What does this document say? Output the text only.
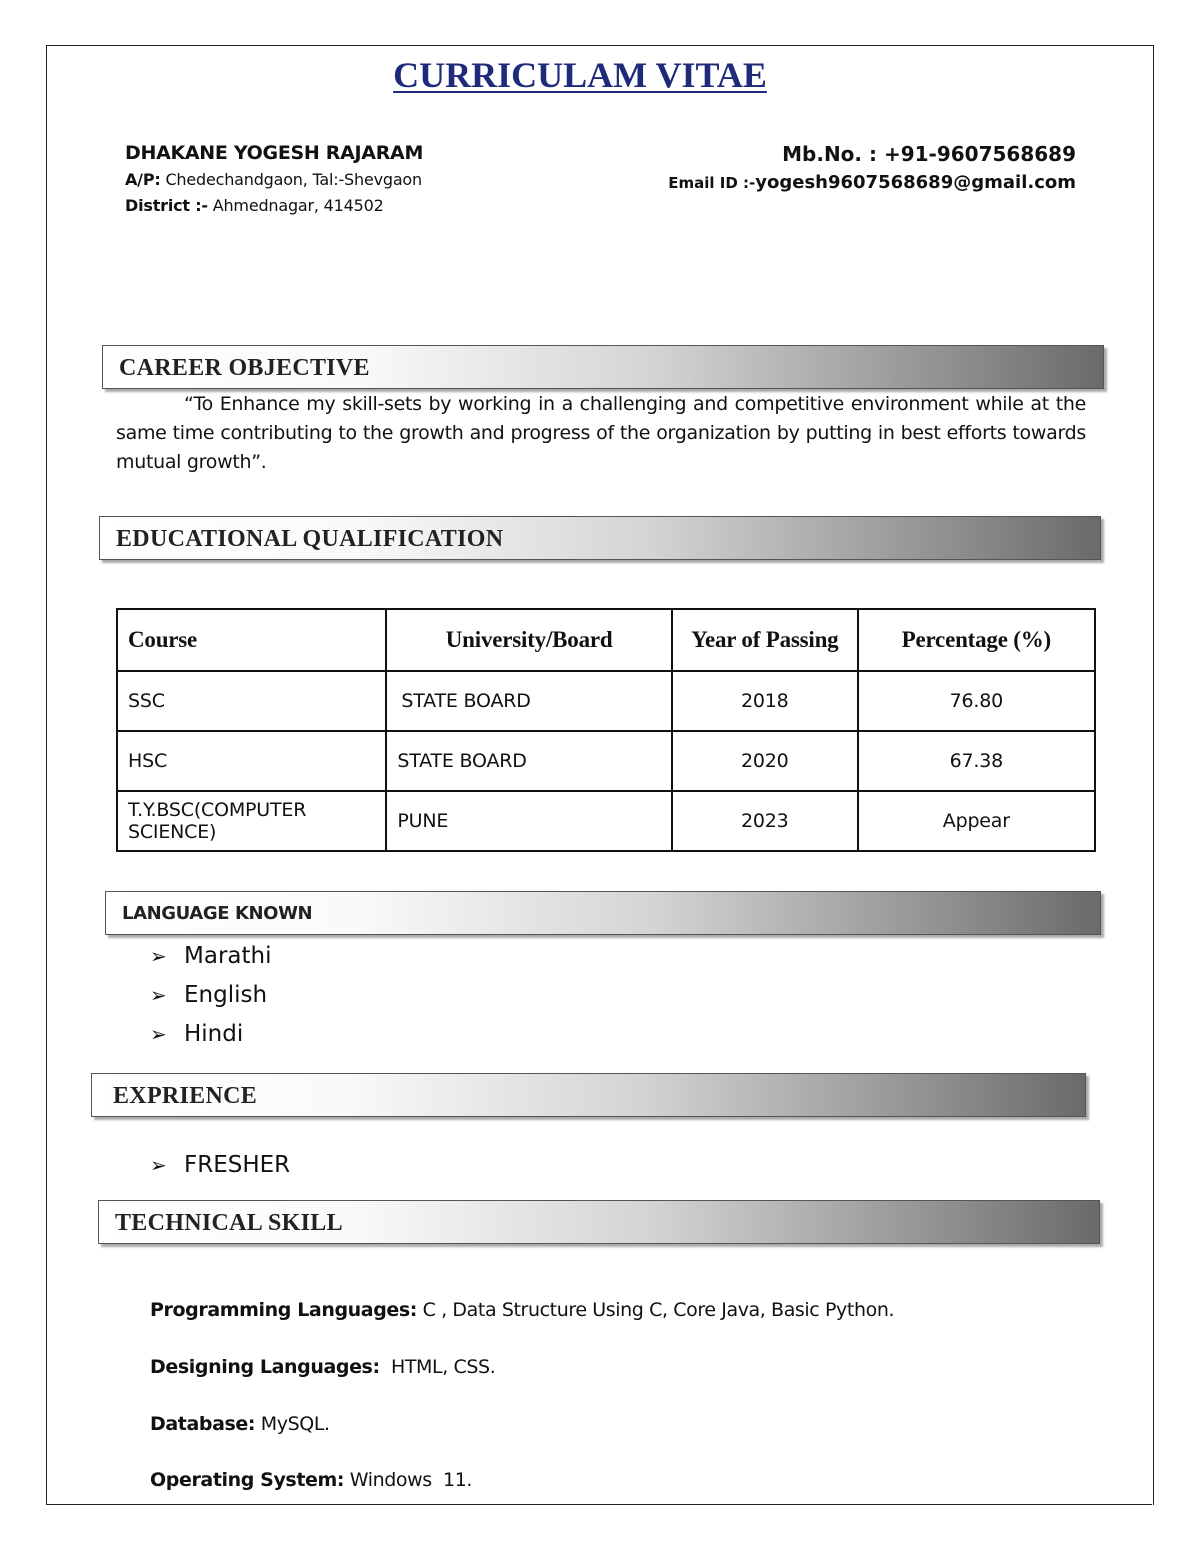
CURRICULAM VITAE
DHAKANE YOGESH RAJARAM
A/P: Chedechandgaon, Tal:-Shevgaon
District :- Ahmednagar, 414502
Mb.No. : +91-9607568689
Email ID :-yogesh9607568689@gmail.com
CAREER OBJECTIVE
“To Enhance my skill-sets by working in a challenging and competitive environment while at the same time contributing to the growth and progress of the organization by putting in best efforts towards mutual growth”.
EDUCATIONAL QUALIFICATION
Course	University/Board	Year of Passing	Percentage (%)
SSC	STATE BOARD	2018	76.80
HSC	STATE BOARD	2020	67.38
T.Y.BSC(COMPUTER SCIENCE)	PUNE	2023	Appear
LANGUAGE KNOWN
➢ Marathi
➢ English
➢ Hindi
EXPRIENCE
➢ FRESHER
TECHNICAL SKILL
Programming Languages: C , Data Structure Using C, Core Java, Basic Python.
Designing Languages:  HTML, CSS.
Database: MySQL.
Operating System: Windows  11.
